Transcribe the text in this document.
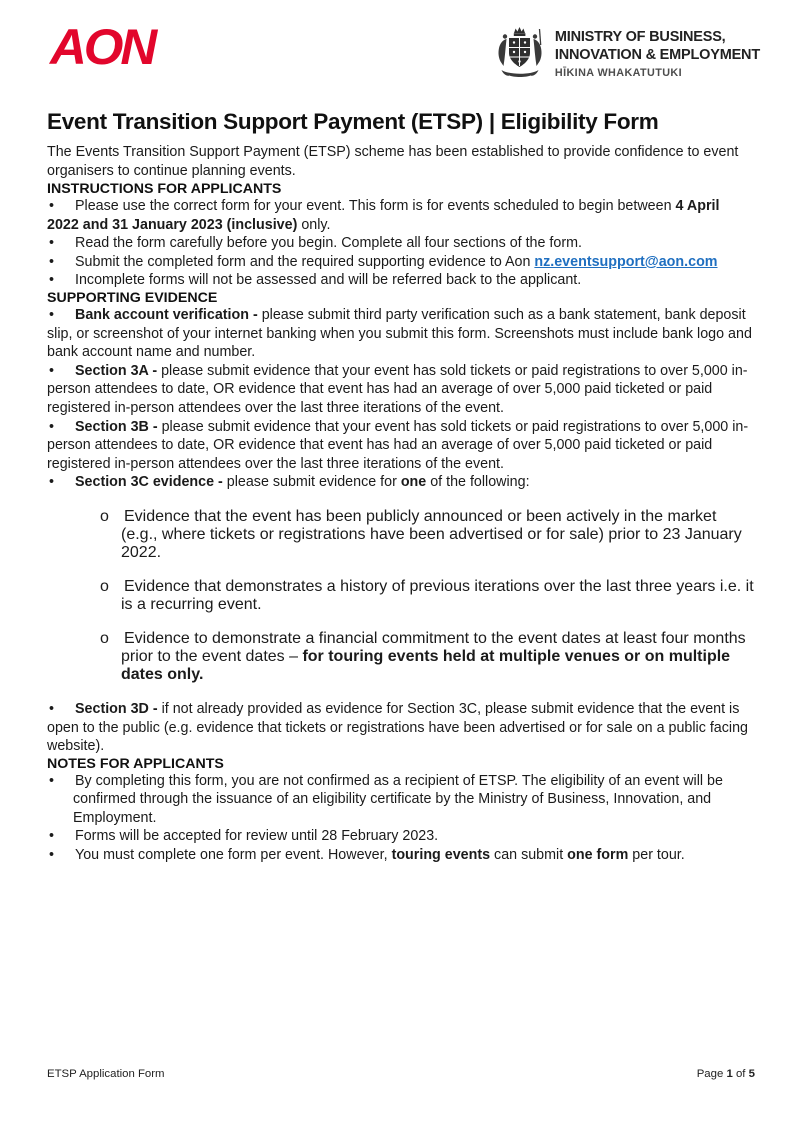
AON	MINISTRY OF BUSINESS,
INNOVATION & EMPLOYMENT
HĪKINA WHAKATUTUKI
Event Transition Support Payment (ETSP) | Eligibility Form

The Events Transition Support Payment (ETSP) scheme has been established to provide confidence to event organisers to continue planning events.

INSTRUCTIONS FOR APPLICANTS

• Please use the correct form for your event. This form is for events scheduled to begin between 4 April 2022 and 31 January 2023 (inclusive) only.

• Read the form carefully before you begin. Complete all four sections of the form.

• Submit the completed form and the required supporting evidence to Aon nz.eventsupport@aon.com

• Incomplete forms will not be assessed and will be referred back to the applicant.

SUPPORTING EVIDENCE

• Bank account verification - please submit third party verification such as a bank statement, bank deposit slip, or screenshot of your internet banking when you submit this form. Screenshots must include bank logo and bank account name and number.

• Section 3A - please submit evidence that your event has sold tickets or paid registrations to over 5,000 in-person attendees to date, OR evidence that event has had an average of over 5,000 paid ticketed or paid registered in-person attendees over the last three iterations of the event.

• Section 3B - please submit evidence that your event has sold tickets or paid registrations to over 5,000 in-person attendees to date, OR evidence that event has had an average of over 5,000 paid ticketed or paid registered in-person attendees over the last three iterations of the event.

• Section 3C evidence - please submit evidence for one of the following:

o Evidence that the event has been publicly announced or been actively in the market (e.g., where tickets or registrations have been advertised or for sale) prior to 23 January 2022.

o Evidence that demonstrates a history of previous iterations over the last three years i.e. it is a recurring event.

o Evidence to demonstrate a financial commitment to the event dates at least four months prior to the event dates – for touring events held at multiple venues or on multiple dates only.

• Section 3D - if not already provided as evidence for Section 3C, please submit evidence that the event is open to the public (e.g. evidence that tickets or registrations have been advertised or for sale on a public facing website).

NOTES FOR APPLICANTS

• By completing this form, you are not confirmed as a recipient of ETSP. The eligibility of an event will be confirmed through the issuance of an eligibility certificate by the Ministry of Business, Innovation, and Employment.

• Forms will be accepted for review until 28 February 2023.

• You must complete one form per event. However, touring events can submit one form per tour.

ETSP Application Form	Page 1 of 5
